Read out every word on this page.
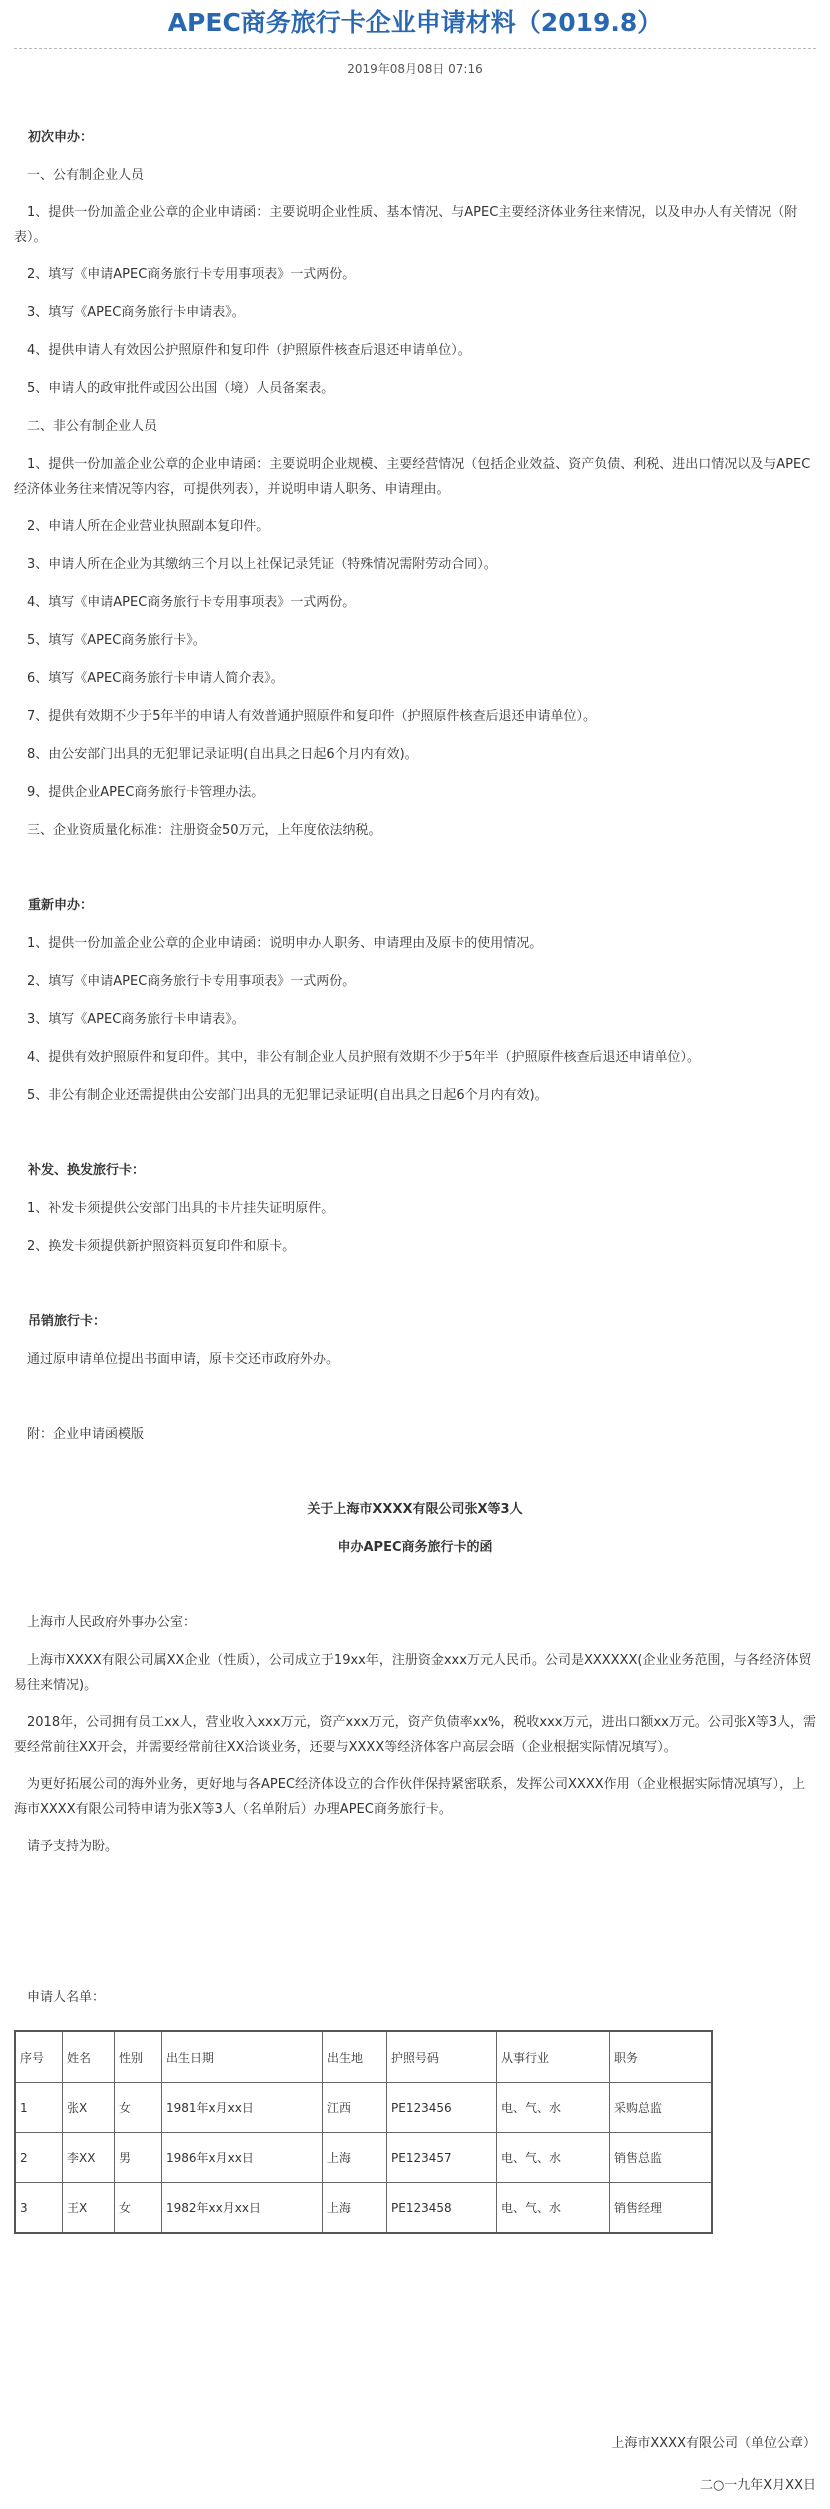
APEC商务旅行卡企业申请材料（2019.8）
2019年08月08日 07:16

初次申办：

一、公有制企业人员

1、提供一份加盖企业公章的企业申请函：主要说明企业性质、基本情况、与APEC主要经济体业务往来情况，以及申办人有关情况（附表）。

2、填写《申请APEC商务旅行卡专用事项表》一式两份。

3、填写《APEC商务旅行卡申请表》。

4、提供申请人有效因公护照原件和复印件（护照原件核查后退还申请单位）。

5、申请人的政审批件或因公出国（境）人员备案表。

二、非公有制企业人员

1、提供一份加盖企业公章的企业申请函：主要说明企业规模、主要经营情况（包括企业效益、资产负债、利税、进出口情况以及与APEC经济体业务往来情况等内容，可提供列表），并说明申请人职务、申请理由。

2、申请人所在企业营业执照副本复印件。

3、申请人所在企业为其缴纳三个月以上社保记录凭证（特殊情况需附劳动合同）。

4、填写《申请APEC商务旅行卡专用事项表》一式两份。

5、填写《APEC商务旅行卡》。

6、填写《APEC商务旅行卡申请人简介表》。

7、提供有效期不少于5年半的申请人有效普通护照原件和复印件（护照原件核查后退还申请单位）。

8、由公安部门出具的无犯罪记录证明(自出具之日起6个月内有效)。

9、提供企业APEC商务旅行卡管理办法。

三、企业资质量化标准：注册资金50万元，上年度依法纳税。

重新申办：

1、提供一份加盖企业公章的企业申请函：说明申办人职务、申请理由及原卡的使用情况。

2、填写《申请APEC商务旅行卡专用事项表》一式两份。

3、填写《APEC商务旅行卡申请表》。

4、提供有效护照原件和复印件。其中，非公有制企业人员护照有效期不少于5年半（护照原件核查后退还申请单位）。

5、非公有制企业还需提供由公安部门出具的无犯罪记录证明(自出具之日起6个月内有效)。

补发、换发旅行卡：

1、补发卡须提供公安部门出具的卡片挂失证明原件。

2、换发卡须提供新护照资料页复印件和原卡。

吊销旅行卡：

通过原申请单位提出书面申请，原卡交还市政府外办。

附：企业申请函模版

关于上海市XXXX有限公司张X等3人

申办APEC商务旅行卡的函

上海市人民政府外事办公室：

上海市XXXX有限公司属XX企业（性质），公司成立于19xx年，注册资金xxx万元人民币。公司是XXXXXX(企业业务范围，与各经济体贸易往来情况)。

2018年，公司拥有员工xx人，营业收入xxx万元，资产xxx万元，资产负债率xx%，税收xxx万元，进出口额xx万元。公司张X等3人，需要经常前往XX开会，并需要经常前往XX洽谈业务，还要与XXXX等经济体客户高层会晤（企业根据实际情况填写）。

为更好拓展公司的海外业务，更好地与各APEC经济体设立的合作伙伴保持紧密联系，发挥公司XXXX作用（企业根据实际情况填写），上海市XXXX有限公司特申请为张X等3人（名单附后）办理APEC商务旅行卡。

请予支持为盼。

申请人名单：

序号	姓名	性别	出生日期	出生地	护照号码	从事行业	职务
1	张X	女	1981年x月xx日	江西	PE123456	电、气、水	采购总监
2	李XX	男	1986年x月xx日	上海	PE123457	电、气、水	销售总监
3	王X	女	1982年xx月xx日	上海	PE123458	电、气、水	销售经理
上海市XXXX有限公司（单位公章）
二○一九年X月XX日
